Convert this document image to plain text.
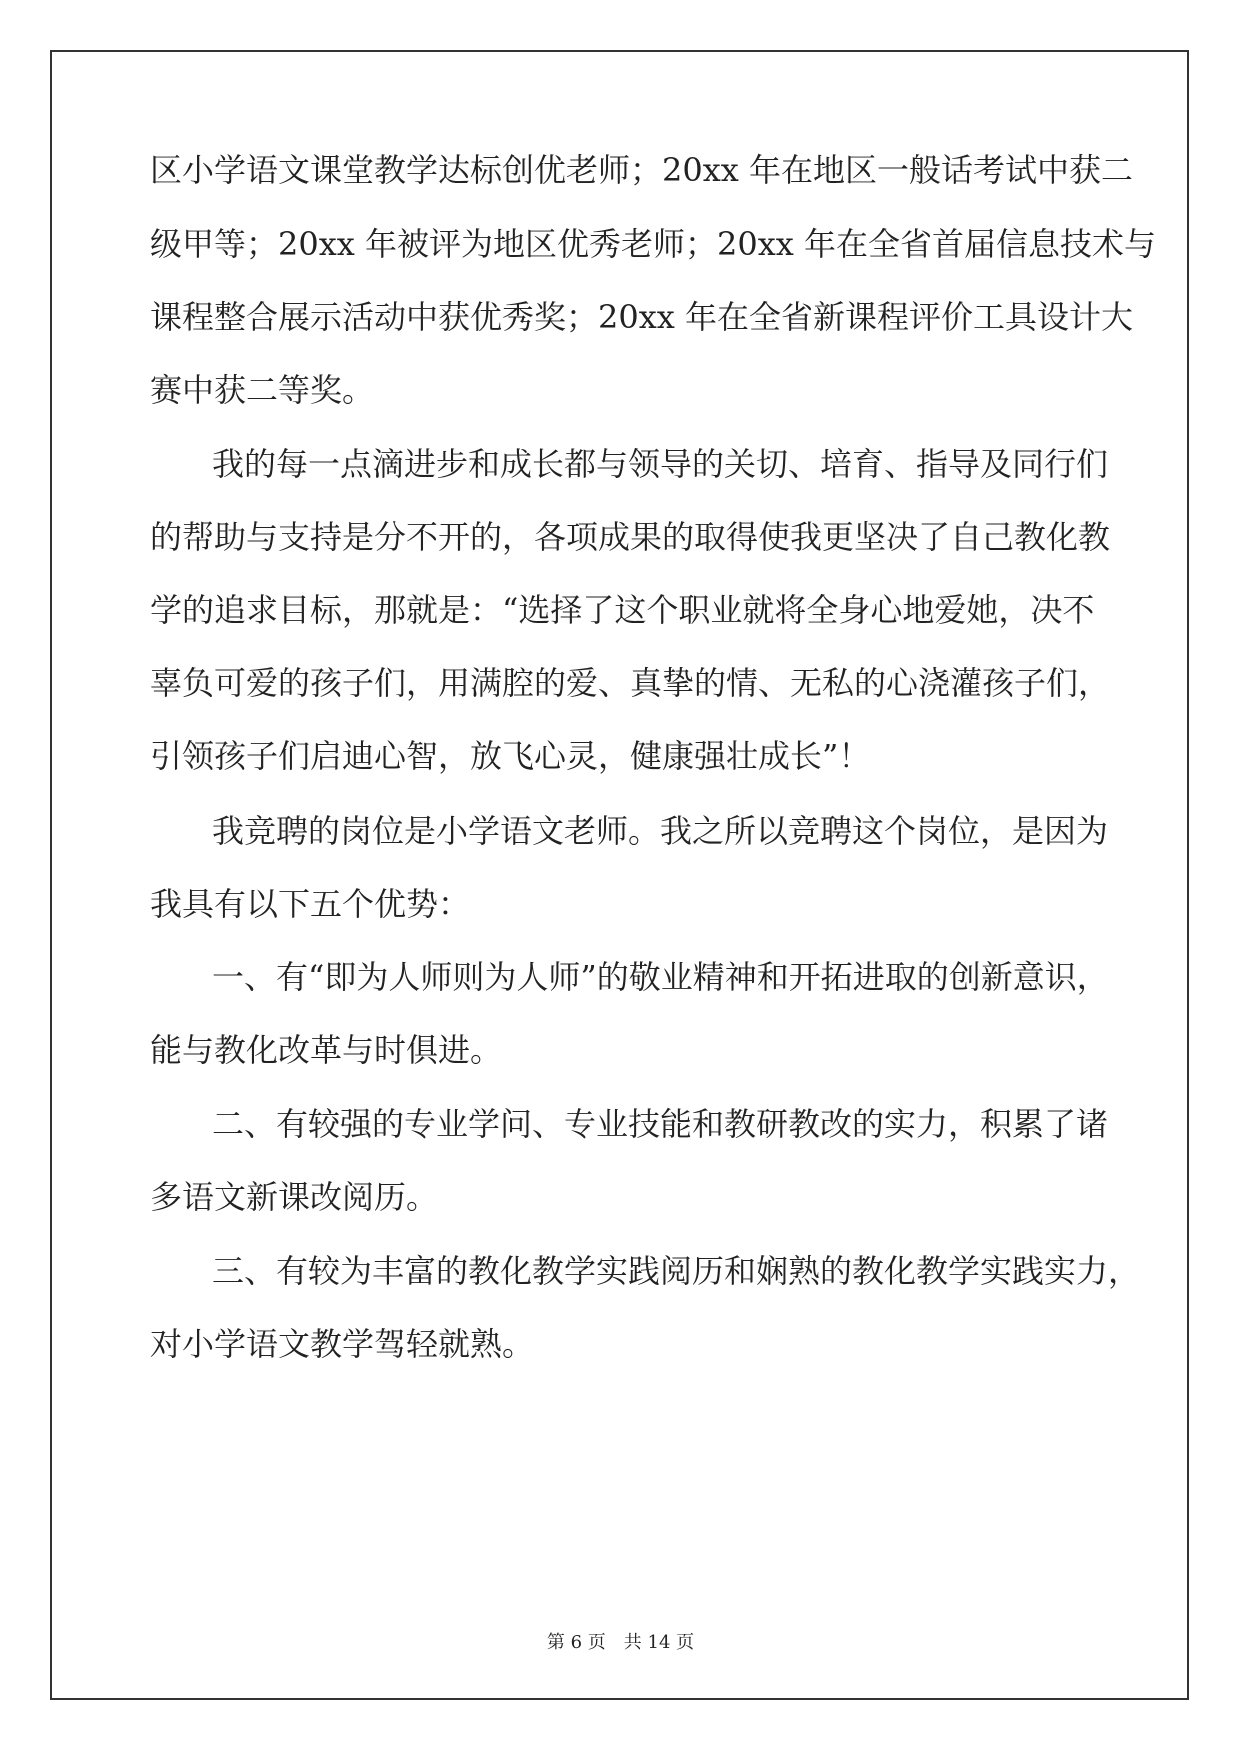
区小学语文课堂教学达标创优老师；20xx 年在地区一般话考试中获二
级甲等；20xx 年被评为地区优秀老师；20xx 年在全省首届信息技术与
课程整合展示活动中获优秀奖；20xx 年在全省新课程评价工具设计大
赛中获二等奖。
我的每一点滴进步和成长都与领导的关切、培育、指导及同行们
的帮助与支持是分不开的，各项成果的取得使我更坚决了自己教化教
学的追求目标，那就是：“选择了这个职业就将全身心地爱她，决不
辜负可爱的孩子们，用满腔的爱、真挚的情、无私的心浇灌孩子们，
引领孩子们启迪心智，放飞心灵，健康强壮成长”！
我竞聘的岗位是小学语文老师。我之所以竞聘这个岗位，是因为
我具有以下五个优势：
一、有“即为人师则为人师”的敬业精神和开拓进取的创新意识，
能与教化改革与时俱进。
二、有较强的专业学问、专业技能和教研教改的实力，积累了诸
多语文新课改阅历。
三、有较为丰富的教化教学实践阅历和娴熟的教化教学实践实力，
对小学语文教学驾轻就熟。
第 6 页 共 14 页
